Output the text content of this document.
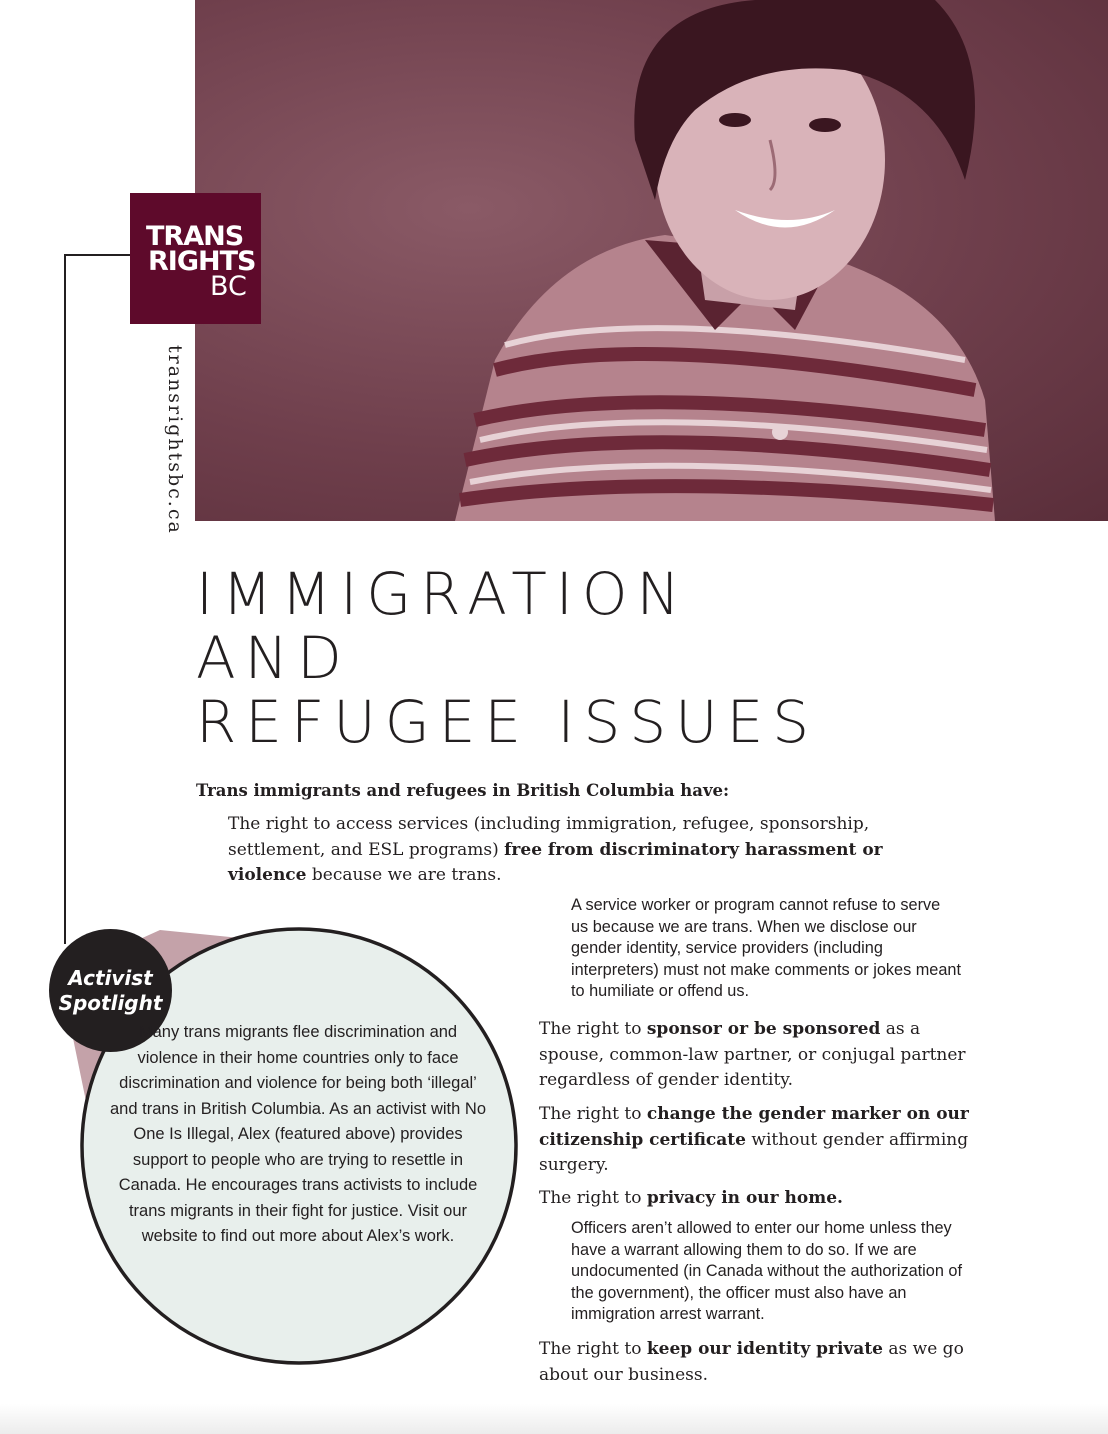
TRANS
RIGHTS
BC
transrightsbc.ca
IMMIGRATION
AND
REFUGEE ISSUES
Trans immigrants and refugees in British Columbia have:
The right to access services (including immigration, refugee, sponsorship, settlement, and ESL programs) free from discriminatory harassment or violence because we are trans.
A service worker or program cannot refuse to serve us because we are trans. When we disclose our gender identity, service providers (including interpreters) must not make comments or jokes meant to humiliate or offend us.
The right to sponsor or be sponsored as a spouse, common-law partner, or conjugal partner regardless of gender identity.
The right to change the gender marker on our citizenship certificate without gender affirming surgery.
The right to privacy in our home.
Officers aren’t allowed to enter our home unless they have a warrant allowing them to do so. If we are undocumented (in Canada without the authorization of the government), the officer must also have an immigration arrest warrant.
The right to keep our identity private as we go about our business.
Activist
Spotlight
Many trans migrants flee discrimination and violence in their home countries only to face discrimination and violence for being both ‘illegal’ and trans in British Columbia. As an activist with No One Is Illegal, Alex (featured above) provides support to people who are trying to resettle in Canada. He encourages trans activists to include trans migrants in their fight for justice. Visit our website to find out more about Alex’s work.
